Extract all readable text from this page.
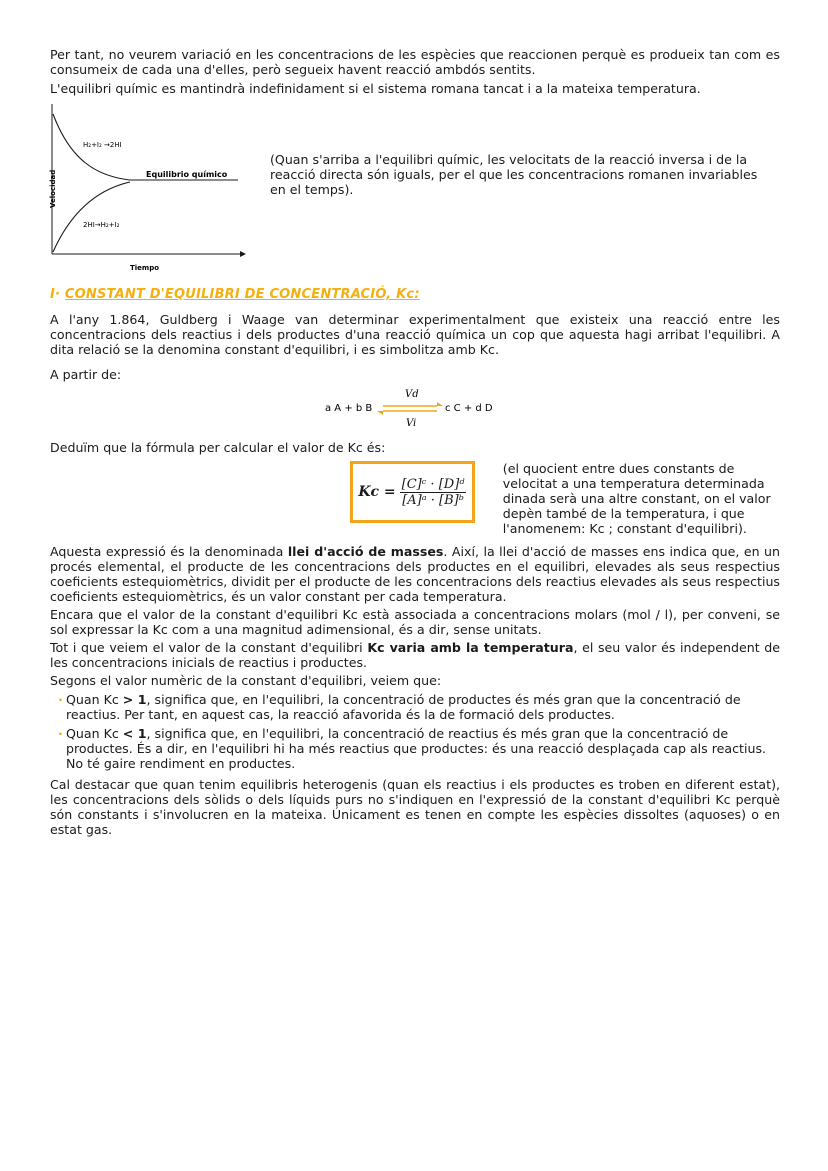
Per tant, no veurem variació en les concentracions de les espècies que reaccionen perquè es produeix tan com es consumeix de cada una d'elles, però segueix havent reacció ambdós sentits.

L'equilibri químic es mantindrà indefinidament si el sistema romana tancat i a la mateixa temperatura.

Velocidad
Tiempo
H₂+I₂ →2HI
2HI→H₂+I₂
Equilibrio químico
(Quan s'arriba a l'equilibri químic, les velocitats de la reacció inversa i de la reacció directa són iguals, per el que les concentracions romanen invariables en el temps).
I· CONSTANT D'EQUILIBRI DE CONCENTRACIÓ, Kc:

A l'any 1.864, Guldberg i Waage van determinar experimentalment que existeix una reacció entre les concentracions dels reactius i dels productes d'una reacció química un cop que aquesta hagi arribat l'equilibri. A dita relació se la denomina constant d'equilibri, i es simbolitza amb Kc.

A partir de:

a A + b B	c C + d D
Vd
Vi

Deduïm que la fórmula per calcular el valor de Kc és:

$Kc = \frac{\text{[C]ᶜ · [D]ᵈ}}{\text{[A]ᵃ · [B]ᵇ}}$
(el quocient entre dues constants de velocitat a una temperatura determinada dinada serà una altre constant, on el valor depèn també de la temperatura, i que l'anomenem: Kc ; constant d'equilibri).

Aquesta expressió és la denominada llei d'acció de masses. Així, la llei d'acció de masses ens indica que, en un procés elemental, el producte de les concentracions dels productes en el equilibri, elevades als seus respectius coeficients estequiomètrics, dividit per el producte de les concentracions dels reactius elevades als seus respectius coeficients estequiomètrics, és un valor constant per cada temperatura.

Encara que el valor de la constant d'equilibri Kc està associada a concentracions molars (mol / l), per conveni, se sol expressar la Kc com a una magnitud adimensional, és a dir, sense unitats.

Tot i que veiem el valor de la constant d'equilibri Kc varia amb la temperatura, el seu valor és independent de les concentracions inicials de reactius i productes.

Segons el valor numèric de la constant d'equilibri, veiem que:

· Quan Kc > 1, significa que, en l'equilibri, la concentració de productes és més gran que la concentració de reactius. Per tant, en aquest cas, la reacció afavorida és la de formació dels productes.
· Quan Kc < 1, significa que, en l'equilibri, la concentració de reactius és més gran que la concentració de productes. És a dir, en l'equilibri hi ha més reactius que productes: és una reacció desplaçada cap als reactius. No té gaire rendiment en productes.

Cal destacar que quan tenim equilibris heterogenis (quan els reactius i els productes es troben en diferent estat), les concentracions dels sòlids o dels líquids purs no s'indiquen en l'expressió de la constant d'equilibri Kc perquè són constants i s'involucren en la mateixa. Únicament es tenen en compte les espècies dissoltes (aquoses) o en estat gas.
